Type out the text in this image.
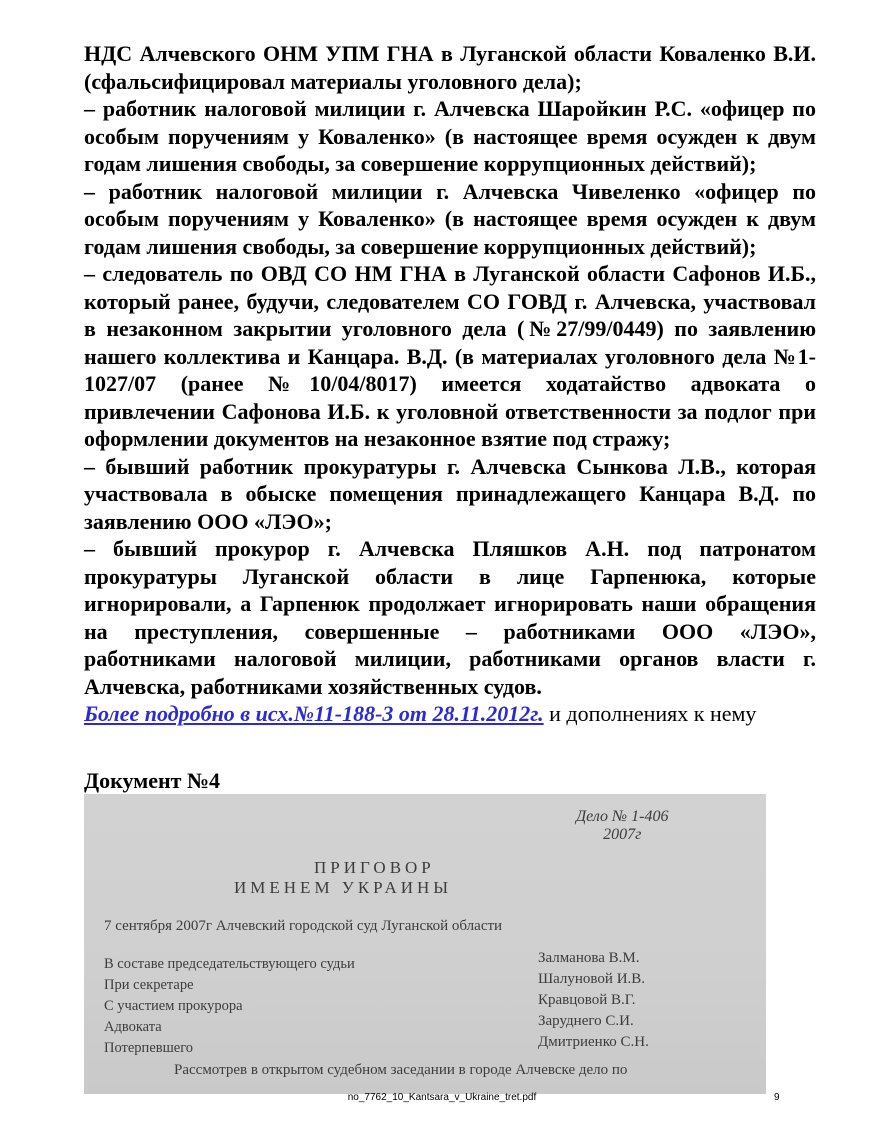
НДС Алчевского ОНМ УПМ ГНА в Луганской области Коваленко В.И. (сфальсифицировал материалы уголовного дела);

– работник налоговой милиции г. Алчевска Шаройкин Р.С. «офицер по особым поручениям у Коваленко» (в настоящее время осужден к двум годам лишения свободы, за совершение коррупционных действий);

– работник налоговой милиции г. Алчевска Чивеленко «офицер по особым поручениям у Коваленко» (в настоящее время осужден к двум годам лишения свободы, за совершение коррупционных действий);

– следователь по ОВД СО НМ ГНА в Луганской области Сафонов И.Б., который ранее, будучи, следователем СО ГОВД г. Алчевска, участвовал в незаконном закрытии уголовного дела (№27/99/0449) по заявлению нашего коллектива и Канцара. В.Д. (в материалах уголовного дела №1-1027/07 (ранее №10/04/8017) имеется ходатайство адвоката о привлечении Сафонова И.Б. к уголовной ответственности за подлог при оформлении документов на незаконное взятие под стражу;

– бывший работник прокуратуры г. Алчевска Сынкова Л.В., которая участвовала в обыске помещения принадлежащего Канцара В.Д. по заявлению ООО «ЛЭО»;

– бывший прокурор г. Алчевска Пляшков А.Н. под патронатом прокуратуры Луганской области в лице Гарпенюка, которые игнорировали, а Гарпенюк продолжает игнорировать наши обращения на преступления, совершенные – работниками ООО «ЛЭО», работниками налоговой милиции, работниками органов власти г. Алчевска, работниками хозяйственных судов.

Более подробно в исх.№11-188-3 от 28.11.2012г. и дополнениях к нему

Документ №4
Дело № 1-406
2007г
ПРИГОВОР
ИМЕНЕМ УКРАИНЫ
7 сентября 2007г Алчевский городской суд Луганской области
В составе председательствующего судьи
При секретаре
С участием прокурора
Адвоката
Потерпевшего
Залманова В.М.
Шалуновой И.В.
Кравцовой В.Г.
Заруднего С.И.
Дмитриенко С.Н.
Рассмотрев в открытом судебном заседании в городе Алчевске дело по
no_7762_10_Kantsara_v_Ukraine_tret.pdf	9
